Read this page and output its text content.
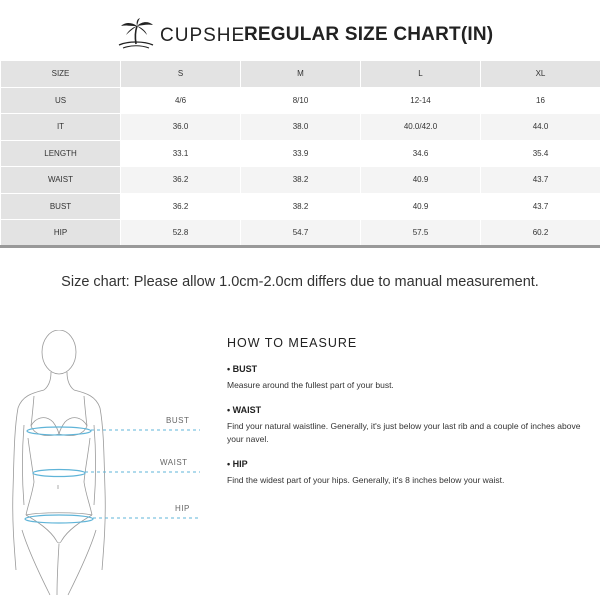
CUPSHE
REGULAR SIZE CHART(IN)
SIZE	S	M	L	XL
US	4/6	8/10	12-14	16
IT	36.0	38.0	40.0/42.0	44.0
LENGTH	33.1	33.9	34.6	35.4
WAIST	36.2	38.2	40.9	43.7
BUST	36.2	38.2	40.9	43.7
HIP	52.8	54.7	57.5	60.2
Size chart: Please allow 1.0cm-2.0cm differs due to manual measurement.
BUST
WAIST
HIP
HOW TO MEASURE
• BUST
Measure around the fullest part of your bust.
• WAIST
Find your natural waistline. Generally, it's just below your last rib and a couple of inches above your navel.
• HIP
Find the widest part of your hips. Generally, it's 8 inches below your waist.
